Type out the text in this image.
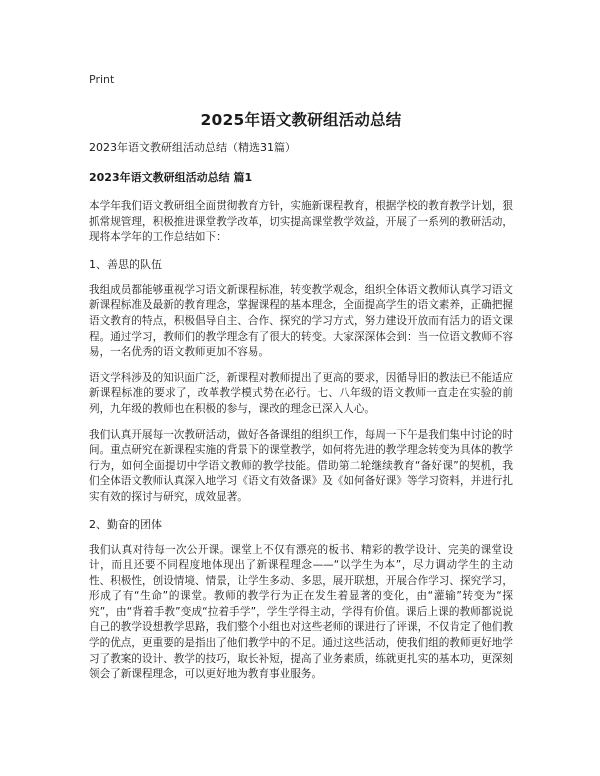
Print

2025年语文教研组活动总结

2023年语文教研组活动总结（精选31篇）

2023年语文教研组活动总结 篇1

本学年我们语文教研组全面贯彻教育方针，实施新课程教育，根据学校的教育教学计划，狠抓常规管理，积极推进课堂教学改革，切实提高课堂教学效益，开展了一系列的教研活动，现将本学年的工作总结如下：

1、善思的队伍

我组成员都能够重视学习语文新课程标准，转变教学观念，组织全体语文教师认真学习语文新课程标准及最新的教育理念，掌握课程的基本理念，全面提高学生的语文素养，正确把握语文教育的特点，积极倡导自主、合作、探究的学习方式，努力建设开放而有活力的语文课程。通过学习，教师们的教学理念有了很大的转变。大家深深体会到：当一位语文教师不容易，一名优秀的语文教师更加不容易。

语文学科涉及的知识面广泛，新课程对教师提出了更高的要求，因循导旧的教法已不能适应新课程标准的要求了，改革教学模式势在必行。七、八年级的语文教师一直走在实验的前列，九年级的教师也在积极的参与，课改的理念已深入人心。

我们认真开展每一次教研活动，做好各备课组的组织工作，每周一下午是我们集中讨论的时间。重点研究在新课程实施的背景下的课堂教学，如何将先进的教学理念转变为具体的教学行为，如何全面提切中学语文教师的教学技能。借助第二轮继续教育“备好课”的契机，我们全体语文教师认真深入地学习《语文有效备课》及《如何备好课》等学习资料，并进行扎实有效的探讨与研究，成效显著。

2、勤奋的团体

我们认真对待每一次公开课。课堂上不仅有漂亮的板书、精彩的教学设计、完美的课堂设计，而且还要不同程度地体现出了新课程理念——“以学生为本”，尽力调动学生的主动性、积极性，创设情境、情景，让学生多动、多思，展开联想，开展合作学习、探究学习，形成了有“生命”的课堂。教师的教学行为正在发生着显著的变化，由“灌输”转变为“探究”，由“背着手教”变成“拉着手学”，学生学得主动，学得有价值。课后上课的教师都说说自己的教学设想教学思路，我们整个小组也对这些老师的课进行了评课，不仅肯定了他们教学的优点，更重要的是指出了他们教学中的不足。通过这些活动，使我们组的教师更好地学习了教案的设计、教学的技巧，取长补短，提高了业务素质，练就更扎实的基本功，更深刻领会了新课程理念，可以更好地为教育事业服务。
